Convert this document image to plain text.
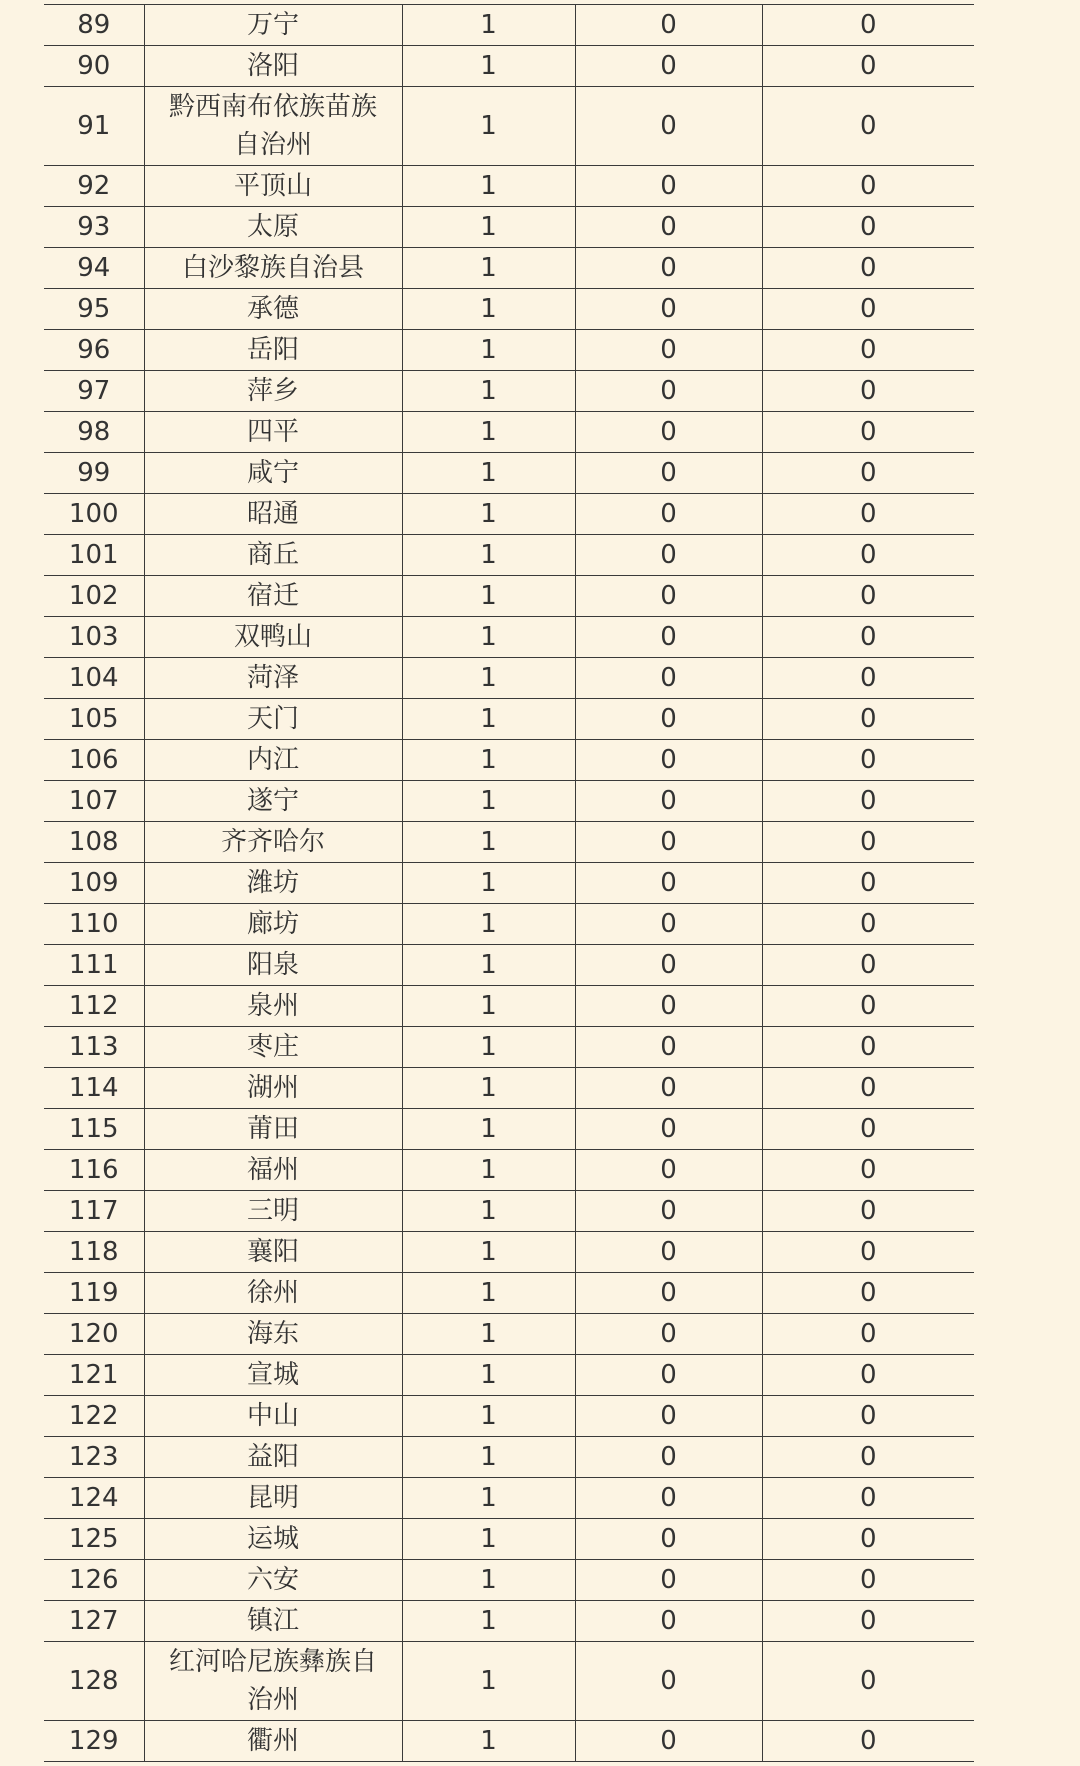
89	万宁	1	0	0
90	洛阳	1	0	0
91	黔西南布依族苗族自治州	1	0	0
92	平顶山	1	0	0
93	太原	1	0	0
94	白沙黎族自治县	1	0	0
95	承德	1	0	0
96	岳阳	1	0	0
97	萍乡	1	0	0
98	四平	1	0	0
99	咸宁	1	0	0
100	昭通	1	0	0
101	商丘	1	0	0
102	宿迁	1	0	0
103	双鸭山	1	0	0
104	菏泽	1	0	0
105	天门	1	0	0
106	内江	1	0	0
107	遂宁	1	0	0
108	齐齐哈尔	1	0	0
109	潍坊	1	0	0
110	廊坊	1	0	0
111	阳泉	1	0	0
112	泉州	1	0	0
113	枣庄	1	0	0
114	湖州	1	0	0
115	莆田	1	0	0
116	福州	1	0	0
117	三明	1	0	0
118	襄阳	1	0	0
119	徐州	1	0	0
120	海东	1	0	0
121	宣城	1	0	0
122	中山	1	0	0
123	益阳	1	0	0
124	昆明	1	0	0
125	运城	1	0	0
126	六安	1	0	0
127	镇江	1	0	0
128	红河哈尼族彝族自治州	1	0	0
129	衢州	1	0	0
